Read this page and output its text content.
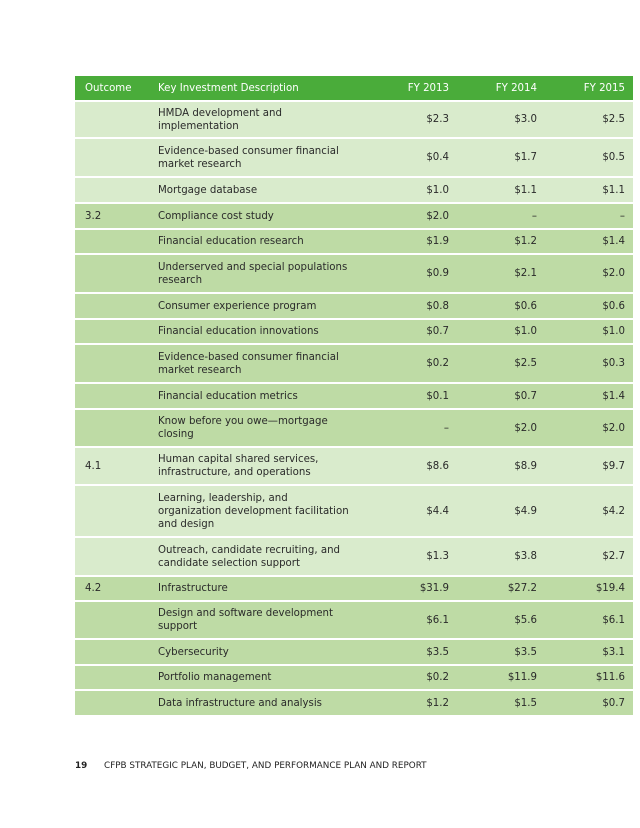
Outcome	Key Investment Description	FY 2013	FY 2014	FY 2015

	HMDA development and implementation	$2.3	$3.0	$2.5

	Evidence-based consumer financial market research	$0.4	$1.7	$0.5

	Mortgage database	$1.0	$1.1	$1.1
3.2	Compliance cost study	$2.0	–	–

	Financial education research	$1.9	$1.2	$1.4

	Underserved and special populations research	$0.9	$2.1	$2.0

	Consumer experience program	$0.8	$0.6	$0.6

	Financial education innovations	$0.7	$1.0	$1.0

	Evidence-based consumer financial market research	$0.2	$2.5	$0.3

	Financial education metrics	$0.1	$0.7	$1.4

	Know before you owe—mortgage closing	–	$2.0	$2.0
4.1	Human capital shared services, infrastructure, and operations	$8.6	$8.9	$9.7

	Learning, leadership, and organization development facilitation and design	$4.4	$4.9	$4.2

	Outreach, candidate recruiting, and candidate selection support	$1.3	$3.8	$2.7
4.2	Infrastructure	$31.9	$27.2	$19.4

	Design and software development support	$6.1	$5.6	$6.1

	Cybersecurity	$3.5	$3.5	$3.1

	Portfolio management	$0.2	$11.9	$11.6

	Data infrastructure and analysis	$1.2	$1.5	$0.7
19 CFPB STRATEGIC PLAN, BUDGET, AND PERFORMANCE PLAN AND REPORT
